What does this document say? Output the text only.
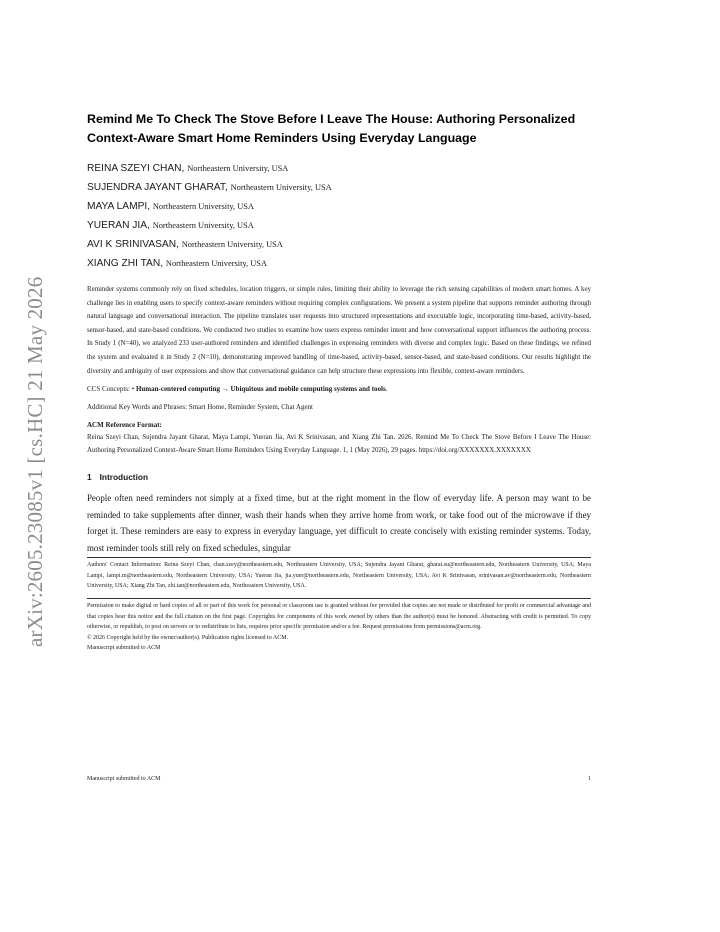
arXiv:2605.23085v1 [cs.HC] 21 May 2026
Remind Me To Check The Stove Before I Leave The House: Authoring Personalized Context-Aware Smart Home Reminders Using Everyday Language
REINA SZEYI CHAN, Northeastern University, USA
SUJENDRA JAYANT GHARAT, Northeastern University, USA
MAYA LAMPI, Northeastern University, USA
YUERAN JIA, Northeastern University, USA
AVI K SRINIVASAN, Northeastern University, USA
XIANG ZHI TAN, Northeastern University, USA

Reminder systems commonly rely on fixed schedules, location triggers, or simple rules, limiting their ability to leverage the rich sensing capabilities of modern smart homes. A key challenge lies in enabling users to specify context-aware reminders without requiring complex configurations. We present a system pipeline that supports reminder authoring through natural language and conversational interaction. The pipeline translates user requests into structured representations and executable logic, incorporating time-based, activity-based, sensor-based, and state-based conditions. We conducted two studies to examine how users express reminder intent and how conversational support influences the authoring process. In Study 1 (N=40), we analyzed 233 user-authored reminders and identified challenges in expressing reminders with diverse and complex logic. Based on these findings, we refined the system and evaluated it in Study 2 (N=10), demonstrating improved handling of time-based, activity-based, sensor-based, and state-based conditions. Our results highlight the diversity and ambiguity of user expressions and show that conversational guidance can help structure these expressions into flexible, context-aware reminders.

CCS Concepts: • Human-centered computing → Ubiquitous and mobile computing systems and tools.

Additional Key Words and Phrases: Smart Home, Reminder System, Chat Agent

ACM Reference Format:

Reina Szeyi Chan, Sujendra Jayant Gharat, Maya Lampi, Yueran Jia, Avi K Srinivasan, and Xiang Zhi Tan. 2026. Remind Me To Check The Stove Before I Leave The House: Authoring Personalized Context-Aware Smart Home Reminders Using Everyday Language. 1, 1 (May 2026), 29 pages. https://doi.org/XXXXXXX.XXXXXXX

1 Introduction

People often need reminders not simply at a fixed time, but at the right moment in the flow of everyday life. A person may want to be reminded to take supplements after dinner, wash their hands when they arrive home from work, or take food out of the microwave if they forget it. These reminders are easy to express in everyday language, yet difficult to create concisely with existing reminder systems. Today, most reminder tools still rely on fixed schedules, singular

Authors' Contact Information: Reina Szeyi Chan, chan.szey@northeastern.edu, Northeastern University, USA; Sujendra Jayant Gharat, gharat.su@northeastern.edu, Northeastern University, USA; Maya Lampi, lampi.m@northeastern.edu, Northeastern University, USA; Yueran Jia, jia.yuer@northeastern.edu, Northeastern University, USA; Avi K Srinivasan, srinivasan.av@northeastern.edu, Northeastern University, USA; Xiang Zhi Tan, zhi.tan@northeastern.edu, Northeastern University, USA.

Permission to make digital or hard copies of all or part of this work for personal or classroom use is granted without fee provided that copies are not made or distributed for profit or commercial advantage and that copies bear this notice and the full citation on the first page. Copyrights for components of this work owned by others than the author(s) must be honored. Abstracting with credit is permitted. To copy otherwise, or republish, to post on servers or to redistribute to lists, requires prior specific permission and/or a fee. Request permissions from permissions@acm.org.

© 2026 Copyright held by the owner/author(s). Publication rights licensed to ACM.

Manuscript submitted to ACM

Manuscript submitted to ACM	1
